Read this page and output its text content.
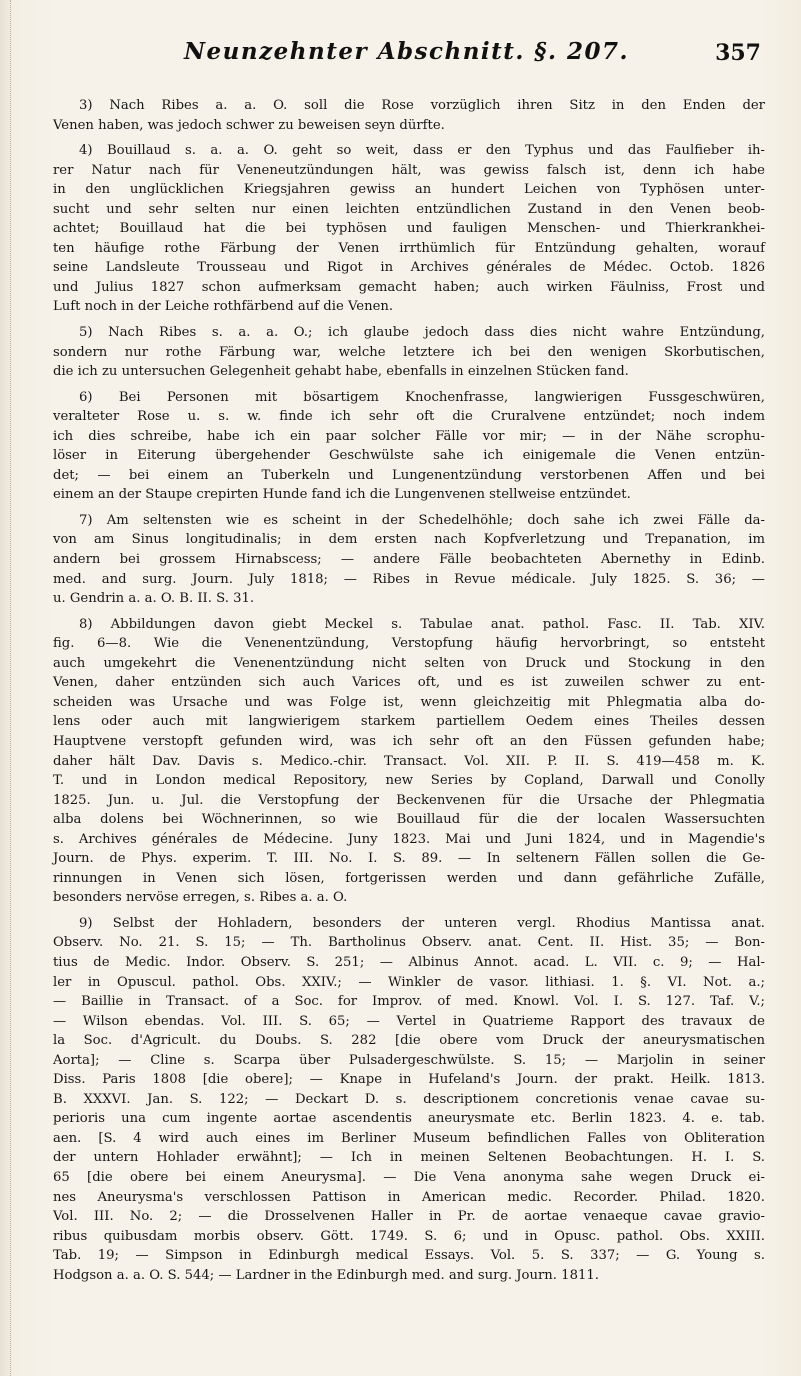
Neunzehnter Abschnitt. §. 207.	357
3) Nach Ribes a. a. O. soll die Rose vorzüglich ihren Sitz in den Enden der
Venen haben, was jedoch schwer zu beweisen seyn dürfte.
4) Bouillaud s. a. a. O. geht so weit, dass er den Typhus und das Faulfieber ih-
rer Natur nach für Veneneutzündungen hält, was gewiss falsch ist, denn ich habe
in den unglücklichen Kriegsjahren gewiss an hundert Leichen von Typhösen unter-
sucht und sehr selten nur einen leichten entzündlichen Zustand in den Venen beob-
achtet; Bouillaud hat die bei typhösen und fauligen Menschen- und Thierkrankhei-
ten häufige rothe Färbung der Venen irrthümlich für Entzündung gehalten, worauf
seine Landsleute Trousseau und Rigot in Archives générales de Médec. Octob. 1826
und Julius 1827 schon aufmerksam gemacht haben; auch wirken Fäulniss, Frost und
Luft noch in der Leiche rothfärbend auf die Venen.
5) Nach Ribes s. a. a. O.; ich glaube jedoch dass dies nicht wahre Entzündung,
sondern nur rothe Färbung war, welche letztere ich bei den wenigen Skorbutischen,
die ich zu untersuchen Gelegenheit gehabt habe, ebenfalls in einzelnen Stücken fand.
6) Bei Personen mit bösartigem Knochenfrasse, langwierigen Fussgeschwüren,
veralteter Rose u. s. w. finde ich sehr oft die Cruralvene entzündet; noch indem
ich dies schreibe, habe ich ein paar solcher Fälle vor mir; — in der Nähe scrophu-
löser in Eiterung übergehender Geschwülste sahe ich einigemale die Venen entzün-
det; — bei einem an Tuberkeln und Lungenentzündung verstorbenen Affen und bei
einem an der Staupe crepirten Hunde fand ich die Lungenvenen stellweise entzündet.
7) Am seltensten wie es scheint in der Schedelhöhle; doch sahe ich zwei Fälle da-
von am Sinus longitudinalis; in dem ersten nach Kopfverletzung und Trepanation, im
andern bei grossem Hirnabscess; — andere Fälle beobachteten Abernethy in Edinb.
med. and surg. Journ. July 1818; — Ribes in Revue médicale. July 1825. S. 36; —
u. Gendrin a. a. O. B. II. S. 31.
8) Abbildungen davon giebt Meckel s. Tabulae anat. pathol. Fasc. II. Tab. XIV.
fig. 6—8. Wie die Venenentzündung, Verstopfung häufig hervorbringt, so entsteht
auch umgekehrt die Venenentzündung nicht selten von Druck und Stockung in den
Venen, daher entzünden sich auch Varices oft, und es ist zuweilen schwer zu ent-
scheiden was Ursache und was Folge ist, wenn gleichzeitig mit Phlegmatia alba do-
lens oder auch mit langwierigem starkem partiellem Oedem eines Theiles dessen
Hauptvene verstopft gefunden wird, was ich sehr oft an den Füssen gefunden habe;
daher hält Dav. Davis s. Medico.-chir. Transact. Vol. XII. P. II. S. 419—458 m. K.
T. und in London medical Repository, new Series by Copland, Darwall und Conolly
1825. Jun. u. Jul. die Verstopfung der Beckenvenen für die Ursache der Phlegmatia
alba dolens bei Wöchnerinnen, so wie Bouillaud für die der localen Wassersuchten
s. Archives générales de Médecine. Juny 1823. Mai und Juni 1824, und in Magendie's
Journ. de Phys. experim. T. III. No. I. S. 89. — In seltenern Fällen sollen die Ge-
rinnungen in Venen sich lösen, fortgerissen werden und dann gefährliche Zufälle,
besonders nervöse erregen, s. Ribes a. a. O.
9) Selbst der Hohladern, besonders der unteren vergl. Rhodius Mantissa anat.
Observ. No. 21. S. 15; — Th. Bartholinus Observ. anat. Cent. II. Hist. 35; — Bon-
tius de Medic. Indor. Observ. S. 251; — Albinus Annot. acad. L. VII. c. 9; — Hal-
ler in Opuscul. pathol. Obs. XXIV.; — Winkler de vasor. lithiasi. 1. §. VI. Not. a.;
— Baillie in Transact. of a Soc. for Improv. of med. Knowl. Vol. I. S. 127. Taf. V.;
— Wilson ebendas. Vol. III. S. 65; — Vertel in Quatrieme Rapport des travaux de
la Soc. d'Agricult. du Doubs. S. 282 [die obere vom Druck der aneurysmatischen
Aorta]; — Cline s. Scarpa über Pulsadergeschwülste. S. 15; — Marjolin in seiner
Diss. Paris 1808 [die obere]; — Knape in Hufeland's Journ. der prakt. Heilk. 1813.
B. XXXVI. Jan. S. 122; — Deckart D. s. descriptionem concretionis venae cavae su-
perioris una cum ingente aortae ascendentis aneurysmate etc. Berlin 1823. 4. e. tab.
aen. [S. 4 wird auch eines im Berliner Museum befindlichen Falles von Obliteration
der untern Hohlader erwähnt]; — Ich in meinen Seltenen Beobachtungen. H. I. S.
65 [die obere bei einem Aneurysma]. — Die Vena anonyma sahe wegen Druck ei-
nes Aneurysma's verschlossen Pattison in American medic. Recorder. Philad. 1820.
Vol. III. No. 2; — die Drosselvenen Haller in Pr. de aortae venaeque cavae gravio-
ribus quibusdam morbis observ. Gött. 1749. S. 6; und in Opusc. pathol. Obs. XXIII.
Tab. 19; — Simpson in Edinburgh medical Essays. Vol. 5. S. 337; — G. Young s.
Hodgson a. a. O. S. 544; — Lardner in the Edinburgh med. and surg. Journ. 1811.
